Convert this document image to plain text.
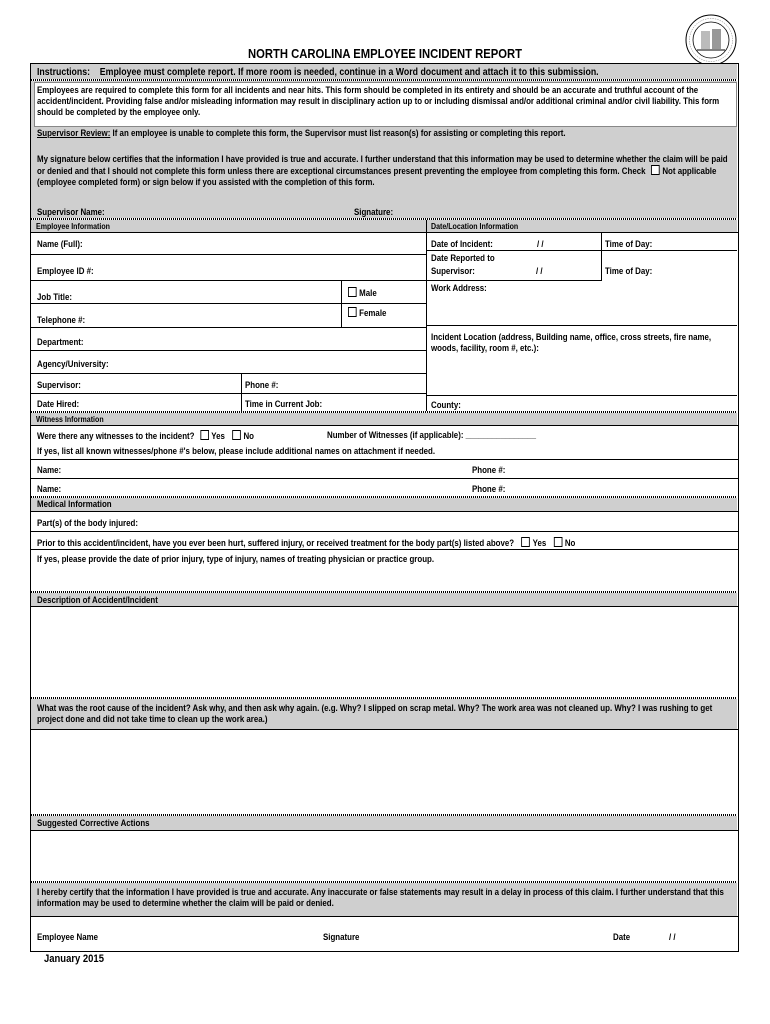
NORTH CAROLINA EMPLOYEE INCIDENT REPORT
Instructions: Employee must complete report. If more room is needed, continue in a Word document and attach it to this submission.
Employees are required to complete this form for all incidents and near hits. This form should be completed in its entirety and should be an accurate and truthful account of the accident/incident. Providing false and/or misleading information may result in disciplinary action up to or including dismissal and/or additional criminal and/or civil liability. This form should be completed by the employee only.
Supervisor Review: If an employee is unable to complete this form, the Supervisor must list reason(s) for assisting or completing this report.
My signature below certifies that the information I have provided is true and accurate. I further understand that this information may be used to determine whether the claim will be paid or denied and that I should not complete this form unless there are exceptional circumstances present preventing the employee from completing this form. Check Not applicable (employee completed form) or sign below if you assisted with the completion of this form.
Supervisor Name:	Signature:
Employee Information	Date/Location Information
Name (Full):
Employee ID #:
Job Title:	Male
Female
Telephone #:
Department:
Agency/University:
Supervisor:	Phone #:
Date Hired:	Time in Current Job:
Date of Incident:	/ /	Time of Day:
Date Reported to
Supervisor:	/ /	Time of Day:
Work Address:
Incident Location (address, Building name, office, cross streets, fire name, woods, facility, room #, etc.):
County:
Witness Information
Were there any witnesses to the incident? Yes No	Number of Witnesses (if applicable): ________________
If yes, list all known witnesses/phone #'s below, please include additional names on attachment if needed.
Name:	Phone #:
Name:	Phone #:
Medical Information
Part(s) of the body injured:
Prior to this accident/incident, have you ever been hurt, suffered injury, or received treatment for the body part(s) listed above? Yes No
If yes, please provide the date of prior injury, type of injury, names of treating physician or practice group.
Description of Accident/Incident
What was the root cause of the incident? Ask why, and then ask why again. (e.g. Why? I slipped on scrap metal. Why? The work area was not cleaned up. Why? I was rushing to get project done and did not take time to clean up the work area.)
Suggested Corrective Actions
I hereby certify that the information I have provided is true and accurate. Any inaccurate or false statements may result in a delay in process of this claim. I further understand that this information may be used to determine whether the claim will be paid or denied.
Employee Name	Signature	Date	/ /
January 2015
